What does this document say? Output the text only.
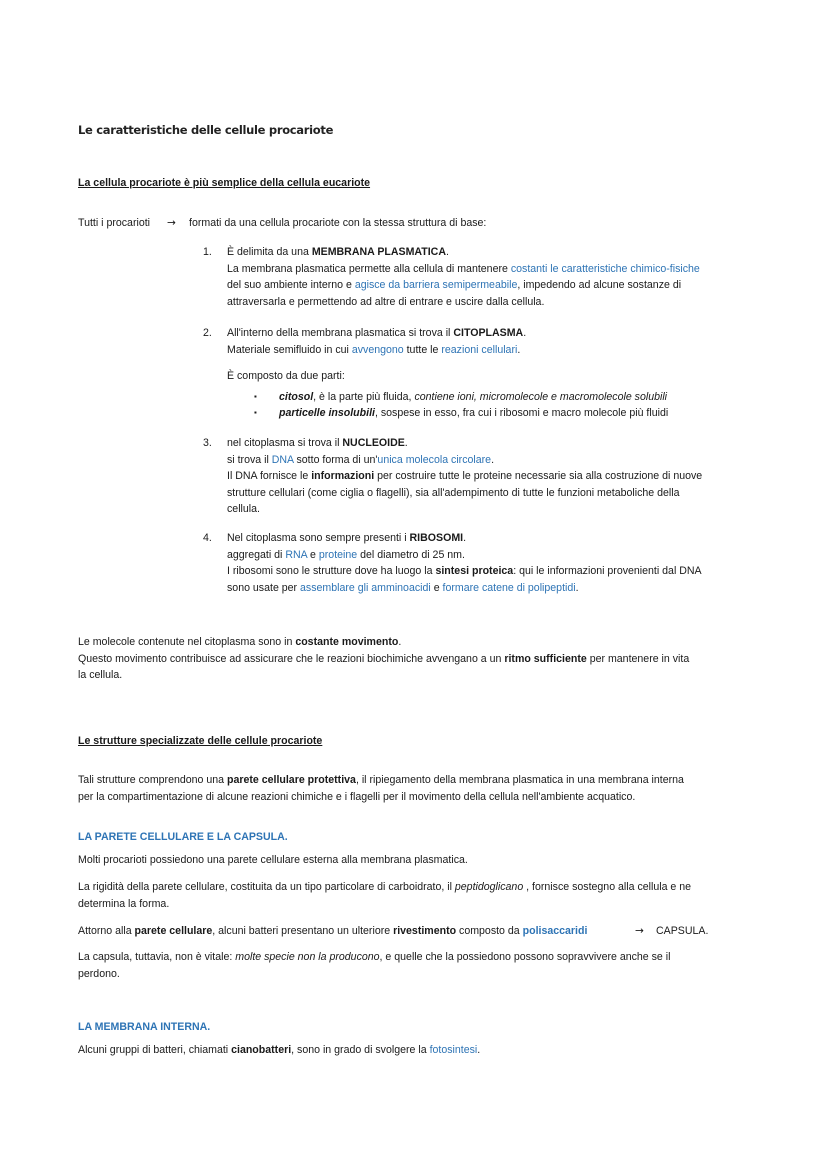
Le caratteristiche delle cellule procariote
La cellula procariote è più semplice della cellula eucariote
Tutti i procarioti → formati da una cellula procariote con la stessa struttura di base:
1. È delimita da una MEMBRANA PLASMATICA.
La membrana plasmatica permette alla cellula di mantenere costanti le caratteristiche chimico-fisiche
del suo ambiente interno e agisce da barriera semipermeabile, impedendo ad alcune sostanze di
attraversarla e permettendo ad altre di entrare e uscire dalla cellula.
2. All'interno della membrana plasmatica si trova il CITOPLASMA.
Materiale semifluido in cui avvengono tutte le reazioni cellulari.
È composto da due parti:
▪ citosol, è la parte più fluida, contiene ioni, micromolecole e macromolecole solubili
▪ particelle insolubili, sospese in esso, fra cui i ribosomi e macro molecole più fluidi
3. nel citoplasma si trova il NUCLEOIDE.
si trova il DNA sotto forma di un'unica molecola circolare.
Il DNA fornisce le informazioni per costruire tutte le proteine necessarie sia alla costruzione di nuove
strutture cellulari (come ciglia o flagelli), sia all'adempimento di tutte le funzioni metaboliche della
cellula.
4. Nel citoplasma sono sempre presenti i RIBOSOMI.
aggregati di RNA e proteine del diametro di 25 nm.
I ribosomi sono le strutture dove ha luogo la sintesi proteica: qui le informazioni provenienti dal DNA
sono usate per assemblare gli amminoacidi e formare catene di polipeptidi.
Le molecole contenute nel citoplasma sono in costante movimento.
Questo movimento contribuisce ad assicurare che le reazioni biochimiche avvengano a un ritmo sufficiente per mantenere in vita
la cellula.
Le strutture specializzate delle cellule procariote
Tali strutture comprendono una parete cellulare protettiva, il ripiegamento della membrana plasmatica in una membrana interna
per la compartimentazione di alcune reazioni chimiche e i flagelli per il movimento della cellula nell'ambiente acquatico.
LA PARETE CELLULARE E LA CAPSULA.
Molti procarioti possiedono una parete cellulare esterna alla membrana plasmatica.
La rigidità della parete cellulare, costituita da un tipo particolare di carboidrato, il peptidoglicano , fornisce sostegno alla cellula e ne
determina la forma.
Attorno alla parete cellulare, alcuni batteri presentano un ulteriore rivestimento composto da polisaccaridi	→ CAPSULA.
La capsula, tuttavia, non è vitale: molte specie non la producono, e quelle che la possiedono possono sopravvivere anche se il
perdono.
LA MEMBRANA INTERNA.
Alcuni gruppi di batteri, chiamati cianobatteri, sono in grado di svolgere la fotosintesi.
